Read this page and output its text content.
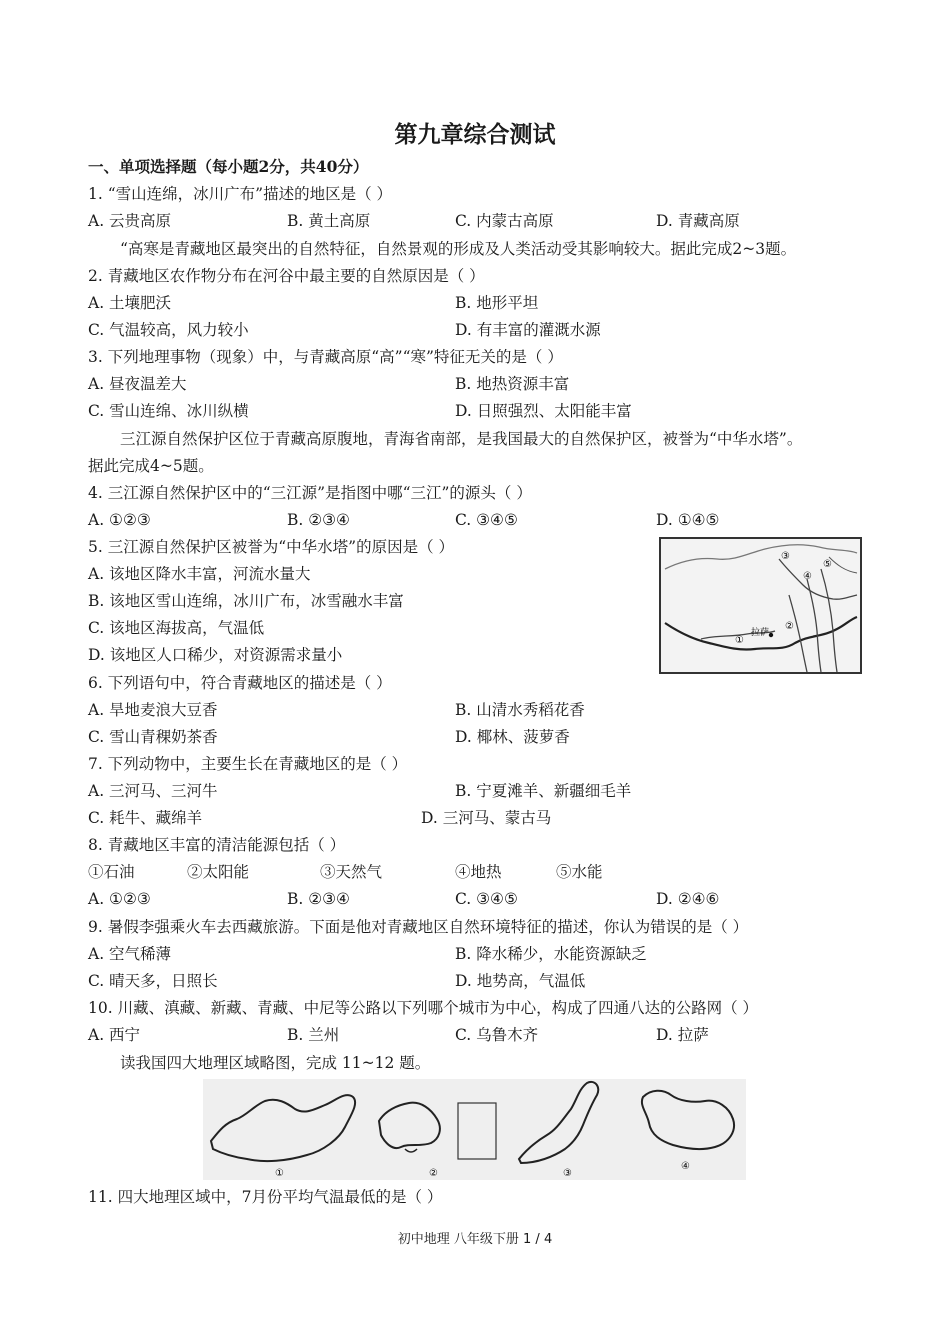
第九章综合测试
一、单项选择题（每小题2分，共40分）
1. “雪山连绵，冰川广布”描述的地区是（ ）
A. 云贵高原	B. 黄土高原	C. 内蒙古高原	D. 青藏高原
“高寒是青藏地区最突出的自然特征，自然景观的形成及人类活动受其影响较大。据此完成2~3题。
2. 青藏地区农作物分布在河谷中最主要的自然原因是（ ）
A. 土壤肥沃	B. 地形平坦
C. 气温较高，风力较小	D. 有丰富的灌溉水源
3. 下列地理事物（现象）中，与青藏高原“高”“寒”特征无关的是（ ）
A. 昼夜温差大	B. 地热资源丰富
C. 雪山连绵、冰川纵横	D. 日照强烈、太阳能丰富
三江源自然保护区位于青藏高原腹地，青海省南部，是我国最大的自然保护区，被誉为“中华水塔”。
据此完成4~5题。
4. 三江源自然保护区中的“三江源”是指图中哪“三江”的源头（ ）
A. ①②③	B. ②③④	C. ③④⑤	D. ①④⑤
5. 三江源自然保护区被誉为“中华水塔”的原因是（ ）
A. 该地区降水丰富，河流水量大
B. 该地区雪山连绵，冰川广布，冰雪融水丰富
C. 该地区海拔高，气温低
D. 该地区人口稀少，对资源需求量小
③
④
⑤
②
①
拉萨
6. 下列语句中，符合青藏地区的描述是（ ）
A. 旱地麦浪大豆香	B. 山清水秀稻花香
C. 雪山青稞奶茶香	D. 椰林、菠萝香
7. 下列动物中，主要生长在青藏地区的是（ ）
A. 三河马、三河牛	B. 宁夏滩羊、新疆细毛羊
C. 耗牛、藏绵羊	D. 三河马、蒙古马
8. 青藏地区丰富的清洁能源包括（ ）
①石油	②太阳能	③天然气	④地热	⑤水能
A. ①②③	B. ②③④	C. ③④⑤	D. ②④⑥
9. 暑假李强乘火车去西藏旅游。下面是他对青藏地区自然环境特征的描述，你认为错误的是（ ）
A. 空气稀薄	B. 降水稀少，水能资源缺乏
C. 晴天多，日照长	D. 地势高，气温低
10. 川藏、滇藏、新藏、青藏、中尼等公路以下列哪个城市为中心，构成了四通八达的公路网（ ）
A. 西宁	B. 兰州	C. 乌鲁木齐	D. 拉萨
读我国四大地理区域略图，完成 11~12 题。
①	②	③
④
11. 四大地理区域中，7月份平均气温最低的是（ ）
初中地理 八年级下册 1 / 4
